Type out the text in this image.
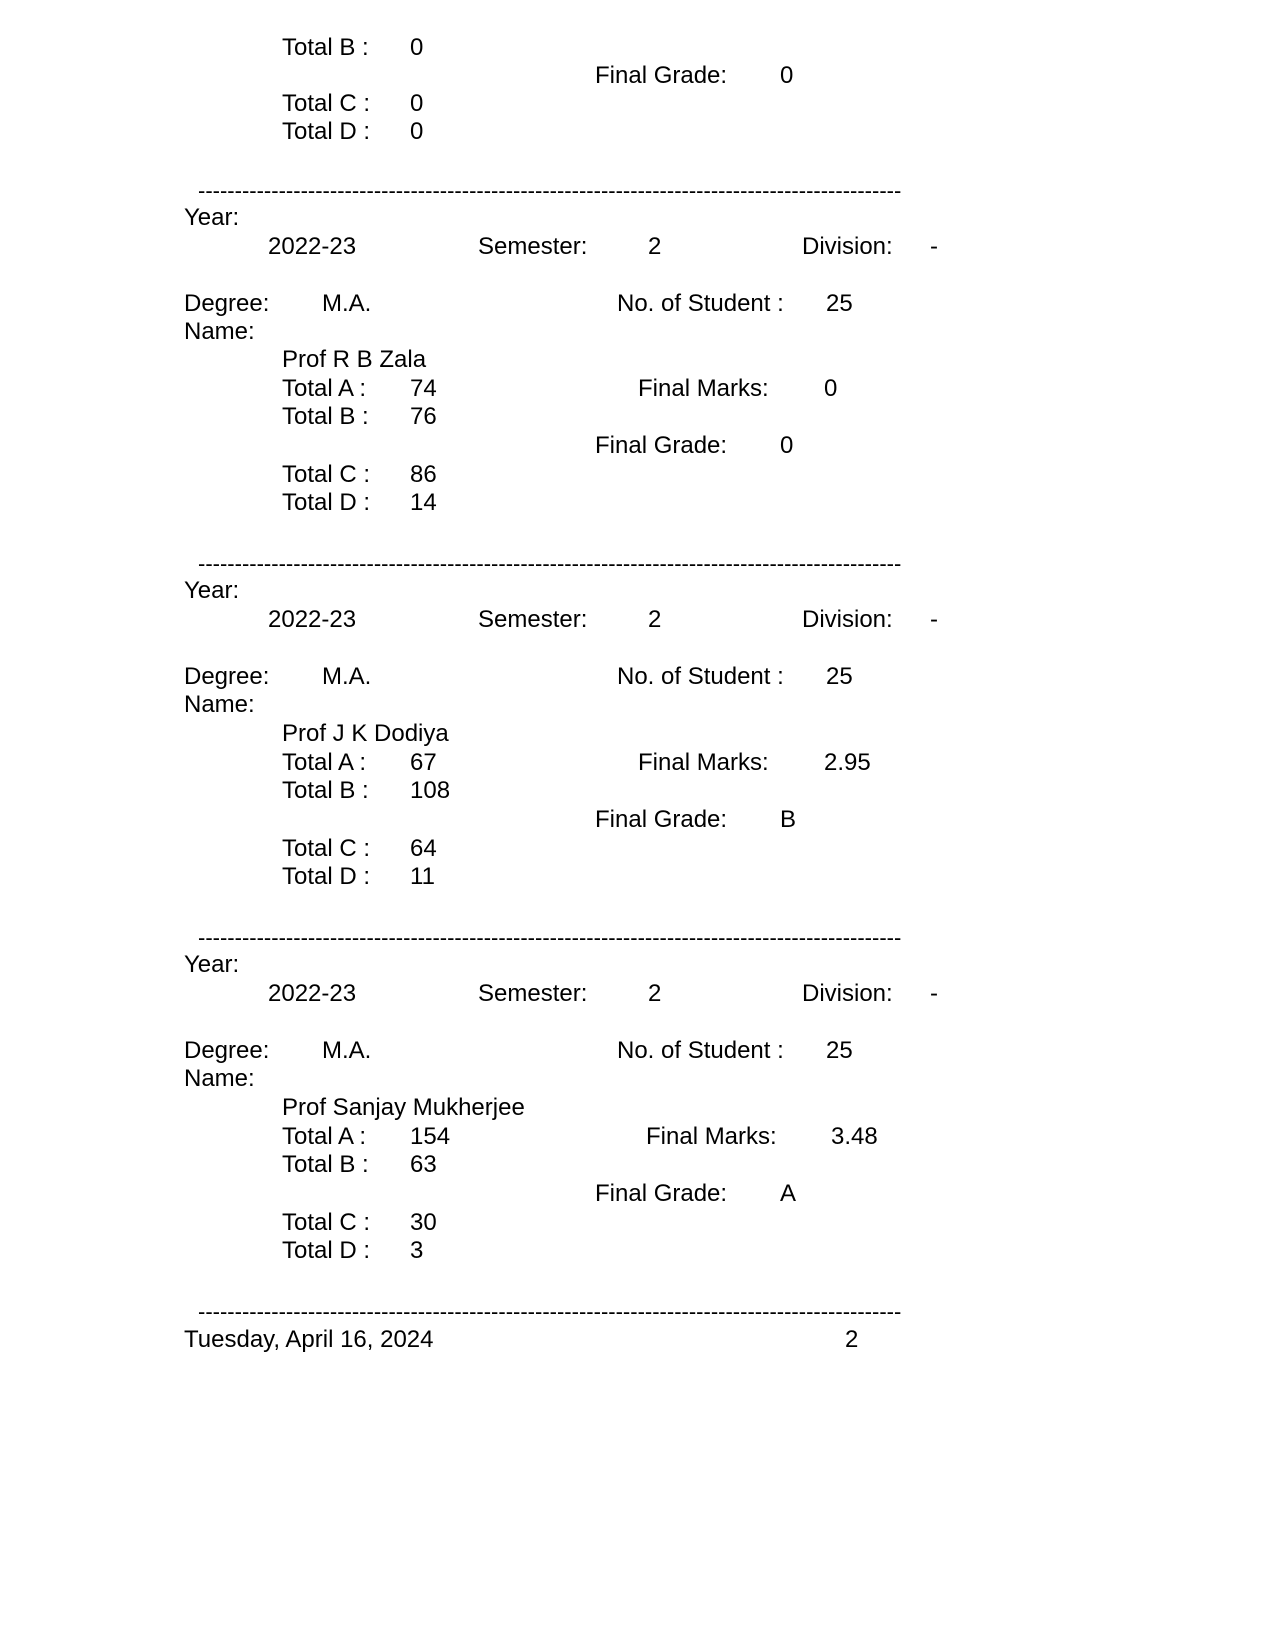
Total B : 0
Final Grade: 0
Total C : 0
Total D : 0
------------------------------------------------------------------------------------------------
Year:
2022-23	Semester:	2	Division: -
Degree: M.A.	No. of Student : 25
Name:
Prof R B Zala
Total A : 74	Final Marks: 0
Total B : 76
Final Grade: 0
Total C : 86
Total D : 14
------------------------------------------------------------------------------------------------
Year:
2022-23	Semester:	2	Division: -
Degree: M.A.	No. of Student : 25
Name:
Prof J K Dodiya
Total A : 67	Final Marks: 2.95
Total B : 108
Final Grade: B
Total C : 64
Total D : 11
------------------------------------------------------------------------------------------------
Year:
2022-23	Semester:	2	Division: -
Degree: M.A.	No. of Student : 25
Name:
Prof Sanjay Mukherjee
Total A : 154	Final Marks: 3.48
Total B : 63
Final Grade: A
Total C : 30
Total D : 3
------------------------------------------------------------------------------------------------
Tuesday, April 16, 2024	2
